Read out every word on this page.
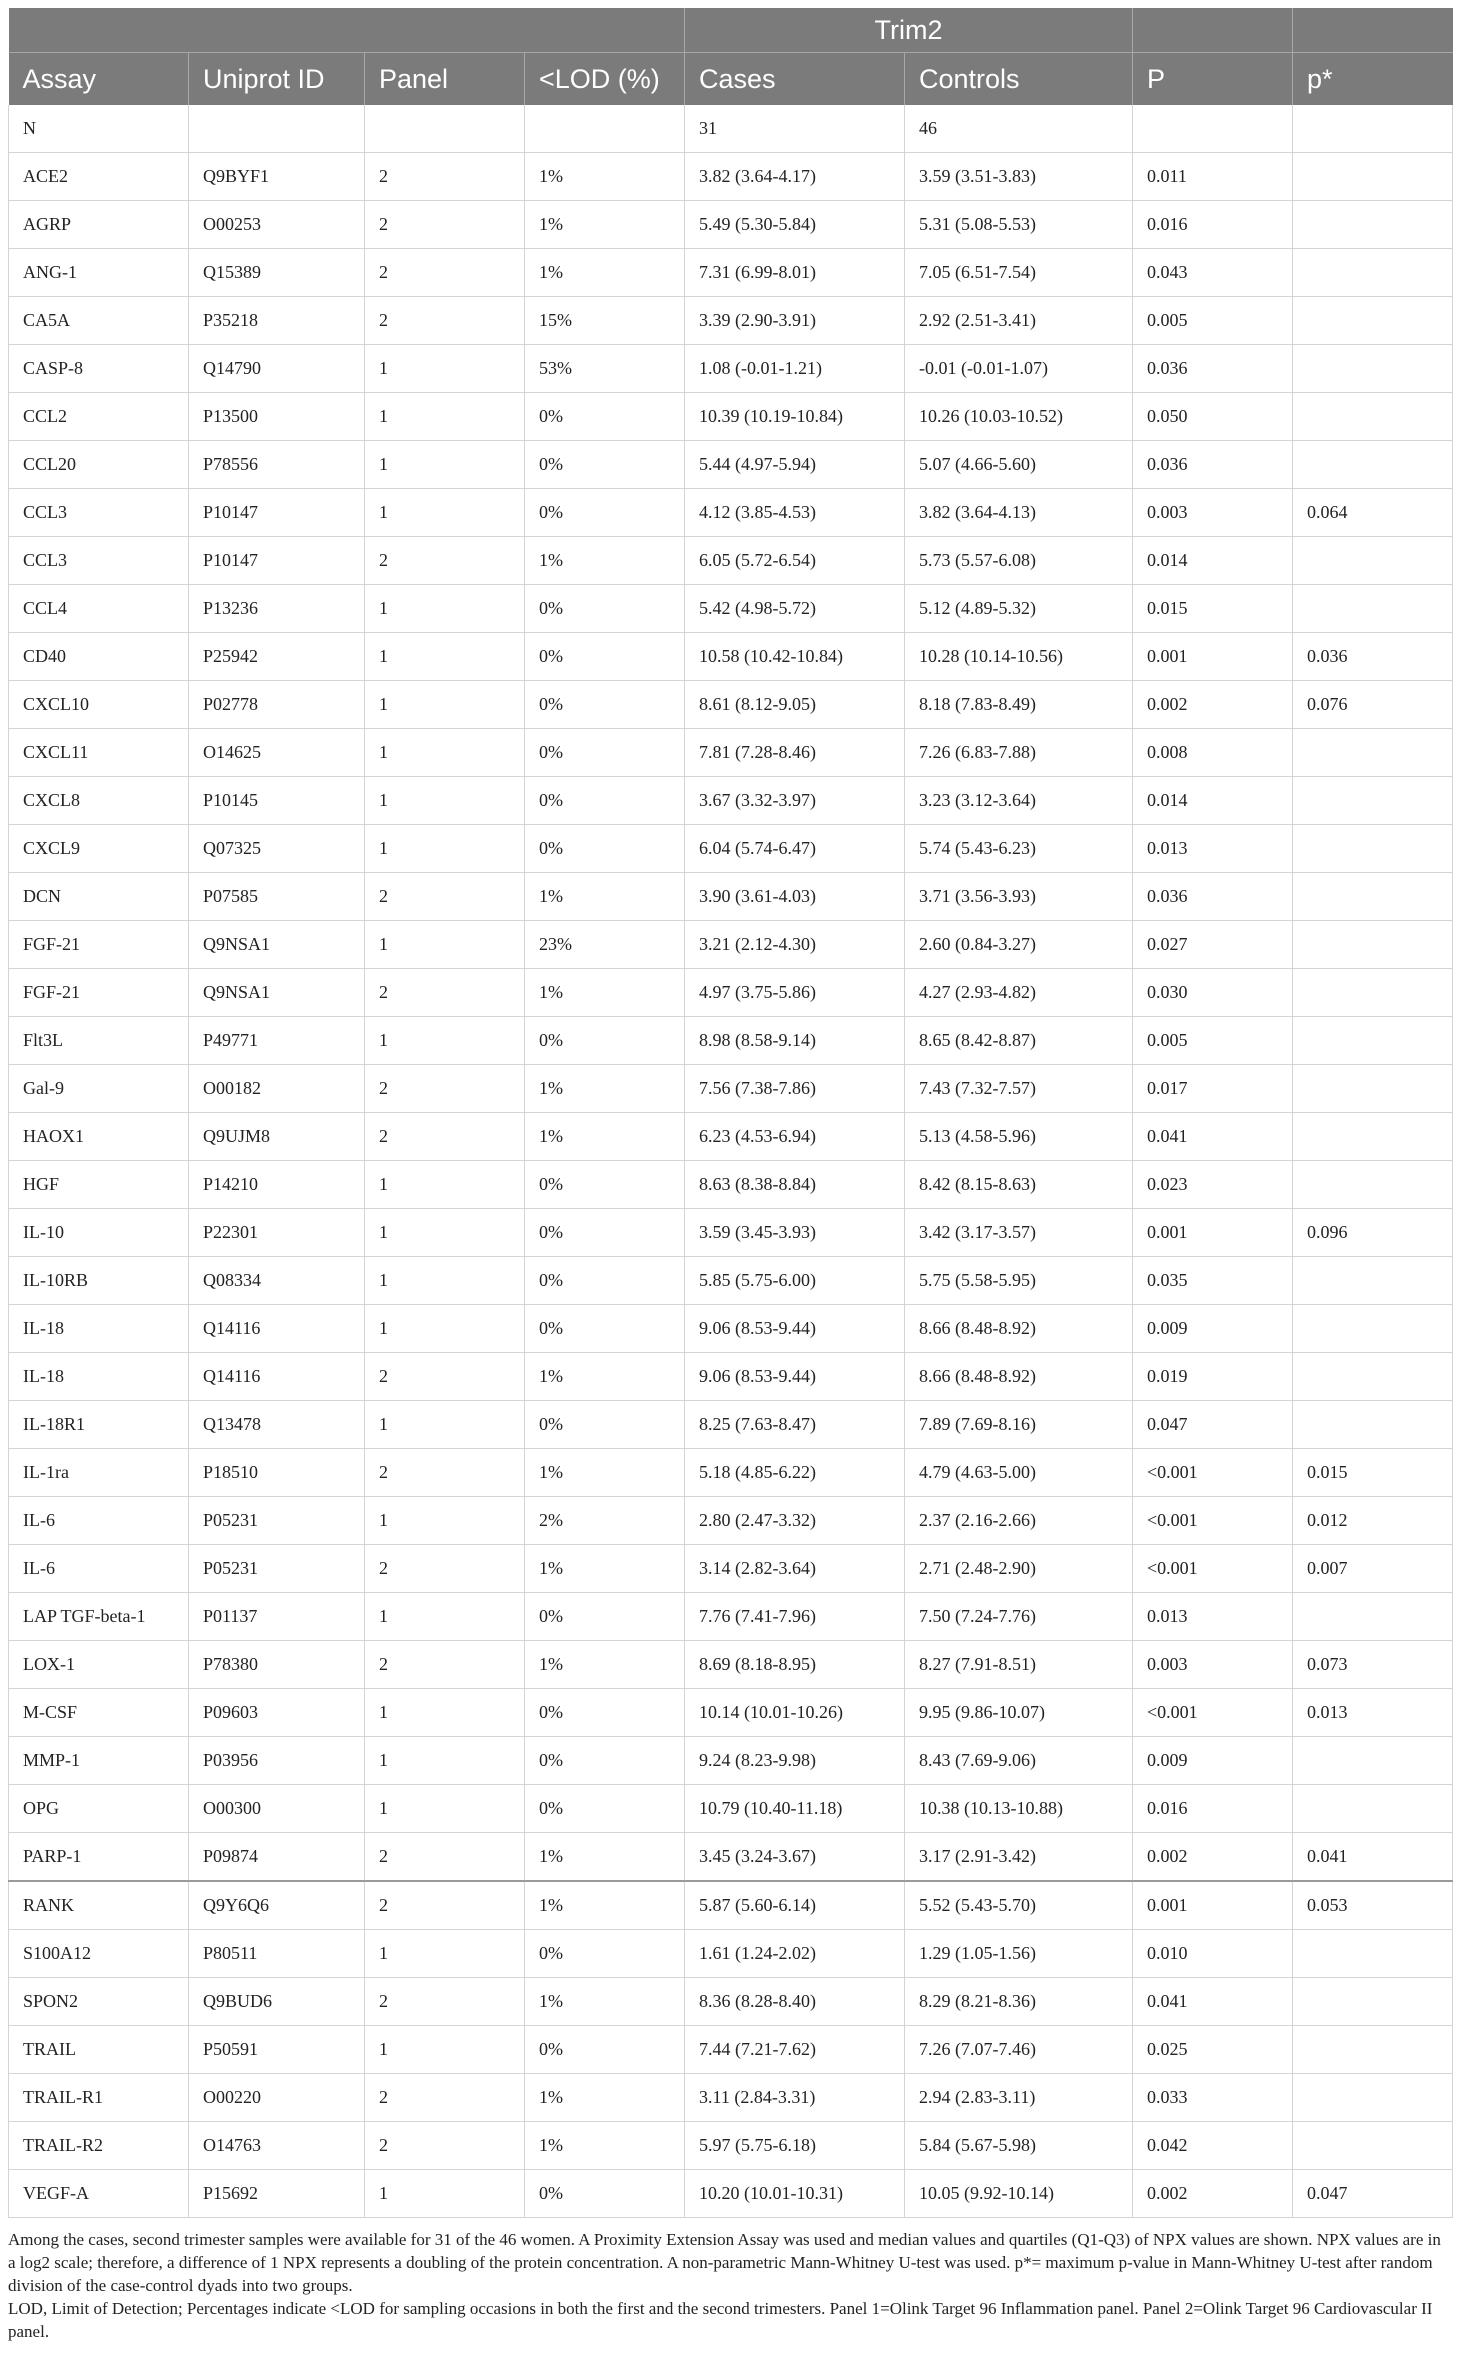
				Trim2			
Assay	Uniprot ID	Panel	<LOD (%)	Cases	Controls	P	p*
N				31	46		
ACE2	Q9BYF1	2	1%	3.82 (3.64-4.17)	3.59 (3.51-3.83)	0.011	
AGRP	O00253	2	1%	5.49 (5.30-5.84)	5.31 (5.08-5.53)	0.016	
ANG-1	Q15389	2	1%	7.31 (6.99-8.01)	7.05 (6.51-7.54)	0.043	
CA5A	P35218	2	15%	3.39 (2.90-3.91)	2.92 (2.51-3.41)	0.005	
CASP-8	Q14790	1	53%	1.08 (-0.01-1.21)	-0.01 (-0.01-1.07)	0.036	
CCL2	P13500	1	0%	10.39 (10.19-10.84)	10.26 (10.03-10.52)	0.050	
CCL20	P78556	1	0%	5.44 (4.97-5.94)	5.07 (4.66-5.60)	0.036	
CCL3	P10147	1	0%	4.12 (3.85-4.53)	3.82 (3.64-4.13)	0.003	0.064
CCL3	P10147	2	1%	6.05 (5.72-6.54)	5.73 (5.57-6.08)	0.014	
CCL4	P13236	1	0%	5.42 (4.98-5.72)	5.12 (4.89-5.32)	0.015	
CD40	P25942	1	0%	10.58 (10.42-10.84)	10.28 (10.14-10.56)	0.001	0.036
CXCL10	P02778	1	0%	8.61 (8.12-9.05)	8.18 (7.83-8.49)	0.002	0.076
CXCL11	O14625	1	0%	7.81 (7.28-8.46)	7.26 (6.83-7.88)	0.008	
CXCL8	P10145	1	0%	3.67 (3.32-3.97)	3.23 (3.12-3.64)	0.014	
CXCL9	Q07325	1	0%	6.04 (5.74-6.47)	5.74 (5.43-6.23)	0.013	
DCN	P07585	2	1%	3.90 (3.61-4.03)	3.71 (3.56-3.93)	0.036	
FGF-21	Q9NSA1	1	23%	3.21 (2.12-4.30)	2.60 (0.84-3.27)	0.027	
FGF-21	Q9NSA1	2	1%	4.97 (3.75-5.86)	4.27 (2.93-4.82)	0.030	
Flt3L	P49771	1	0%	8.98 (8.58-9.14)	8.65 (8.42-8.87)	0.005	
Gal-9	O00182	2	1%	7.56 (7.38-7.86)	7.43 (7.32-7.57)	0.017	
HAOX1	Q9UJM8	2	1%	6.23 (4.53-6.94)	5.13 (4.58-5.96)	0.041	
HGF	P14210	1	0%	8.63 (8.38-8.84)	8.42 (8.15-8.63)	0.023	
IL-10	P22301	1	0%	3.59 (3.45-3.93)	3.42 (3.17-3.57)	0.001	0.096
IL-10RB	Q08334	1	0%	5.85 (5.75-6.00)	5.75 (5.58-5.95)	0.035	
IL-18	Q14116	1	0%	9.06 (8.53-9.44)	8.66 (8.48-8.92)	0.009	
IL-18	Q14116	2	1%	9.06 (8.53-9.44)	8.66 (8.48-8.92)	0.019	
IL-18R1	Q13478	1	0%	8.25 (7.63-8.47)	7.89 (7.69-8.16)	0.047	
IL-1ra	P18510	2	1%	5.18 (4.85-6.22)	4.79 (4.63-5.00)	<0.001	0.015
IL-6	P05231	1	2%	2.80 (2.47-3.32)	2.37 (2.16-2.66)	<0.001	0.012
IL-6	P05231	2	1%	3.14 (2.82-3.64)	2.71 (2.48-2.90)	<0.001	0.007
LAP TGF-beta-1	P01137	1	0%	7.76 (7.41-7.96)	7.50 (7.24-7.76)	0.013	
LOX-1	P78380	2	1%	8.69 (8.18-8.95)	8.27 (7.91-8.51)	0.003	0.073
M-CSF	P09603	1	0%	10.14 (10.01-10.26)	9.95 (9.86-10.07)	<0.001	0.013
MMP-1	P03956	1	0%	9.24 (8.23-9.98)	8.43 (7.69-9.06)	0.009	
OPG	O00300	1	0%	10.79 (10.40-11.18)	10.38 (10.13-10.88)	0.016	
PARP-1	P09874	2	1%	3.45 (3.24-3.67)	3.17 (2.91-3.42)	0.002	0.041
RANK	Q9Y6Q6	2	1%	5.87 (5.60-6.14)	5.52 (5.43-5.70)	0.001	0.053
S100A12	P80511	1	0%	1.61 (1.24-2.02)	1.29 (1.05-1.56)	0.010	
SPON2	Q9BUD6	2	1%	8.36 (8.28-8.40)	8.29 (8.21-8.36)	0.041	
TRAIL	P50591	1	0%	7.44 (7.21-7.62)	7.26 (7.07-7.46)	0.025	
TRAIL-R1	O00220	2	1%	3.11 (2.84-3.31)	2.94 (2.83-3.11)	0.033	
TRAIL-R2	O14763	2	1%	5.97 (5.75-6.18)	5.84 (5.67-5.98)	0.042	
VEGF-A	P15692	1	0%	10.20 (10.01-10.31)	10.05 (9.92-10.14)	0.002	0.047

Among the cases, second trimester samples were available for 31 of the 46 women. A Proximity Extension Assay was used and median values and quartiles (Q1-Q3) of NPX values are shown. NPX values are in a log2 scale; therefore, a difference of 1 NPX represents a doubling of the protein concentration. A non-parametric Mann-Whitney U-test was used. p*= maximum p-value in Mann-Whitney U-test after random division of the case-control dyads into two groups.

LOD, Limit of Detection; Percentages indicate <LOD for sampling occasions in both the first and the second trimesters. Panel 1=Olink Target 96 Inflammation panel. Panel 2=Olink Target 96 Cardiovascular II panel.
